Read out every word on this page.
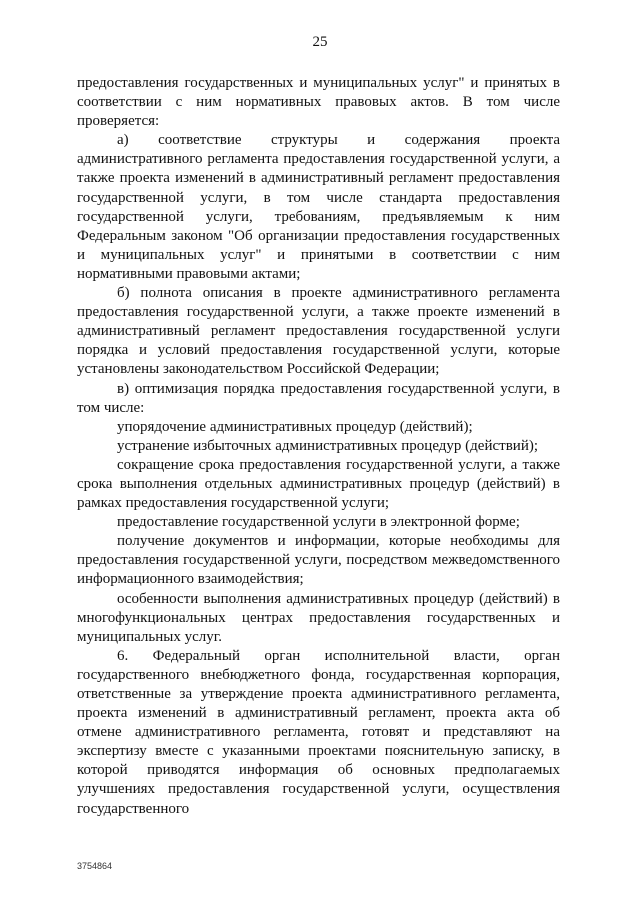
25

предоставления государственных и муниципальных услуг" и принятых в соответствии с ним нормативных правовых актов. В том числе проверяется:

а) соответствие структуры и содержания проекта административного регламента предоставления государственной услуги, а также проекта изменений в административный регламент предоставления государственной услуги, в том числе стандарта предоставления государственной услуги, требованиям, предъявляемым к ним Федеральным законом "Об организации предоставления государственных и муниципальных услуг" и принятыми в соответствии с ним нормативными правовыми актами;

б) полнота описания в проекте административного регламента предоставления государственной услуги, а также проекте изменений в административный регламент предоставления государственной услуги порядка и условий предоставления государственной услуги, которые установлены законодательством Российской Федерации;

в) оптимизация порядка предоставления государственной услуги, в том числе:

упорядочение административных процедур (действий);

устранение избыточных административных процедур (действий);

сокращение срока предоставления государственной услуги, а также срока выполнения отдельных административных процедур (действий) в рамках предоставления государственной услуги;

предоставление государственной услуги в электронной форме;

получение документов и информации, которые необходимы для предоставления государственной услуги, посредством межведомственного информационного взаимодействия;

особенности выполнения административных процедур (действий) в многофункциональных центрах предоставления государственных и муниципальных услуг.

6. Федеральный орган исполнительной власти, орган государственного внебюджетного фонда, государственная корпорация, ответственные за утверждение проекта административного регламента, проекта изменений в административный регламент, проекта акта об отмене административного регламента, готовят и представляют на экспертизу вместе с указанными проектами пояснительную записку, в которой приводятся информация об основных предполагаемых улучшениях предоставления государственной услуги, осуществления государственного

3754864
